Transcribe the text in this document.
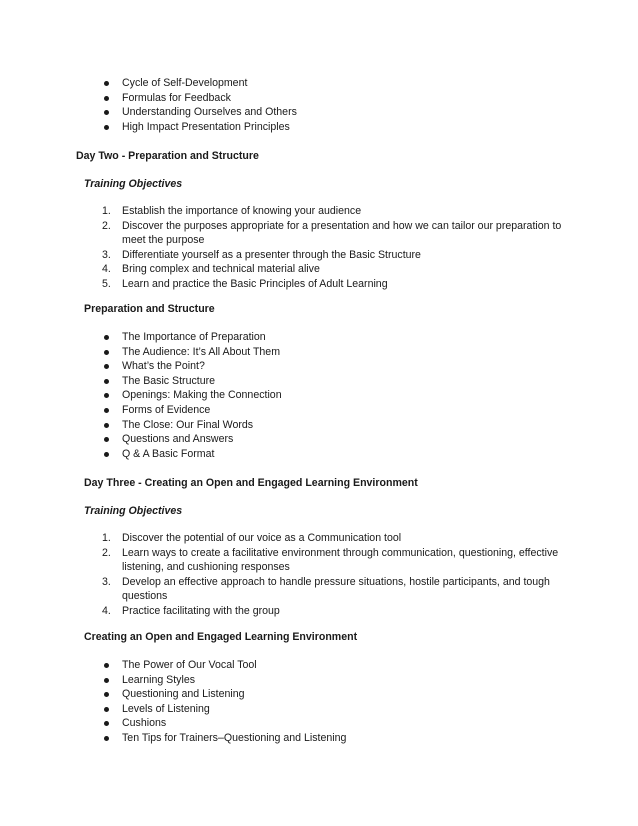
Cycle of Self-Development
Formulas for Feedback
Understanding Ourselves and Others
High Impact Presentation Principles
Day Two - Preparation and Structure
Training Objectives
1. Establish the importance of knowing your audience
2. Discover the purposes appropriate for a presentation and how we can tailor our preparation to meet the purpose
3. Differentiate yourself as a presenter through the Basic Structure
4. Bring complex and technical material alive
5. Learn and practice the Basic Principles of Adult Learning
Preparation and Structure
The Importance of Preparation
The Audience: It’s All About Them
What’s the Point?
The Basic Structure
Openings: Making the Connection
Forms of Evidence
The Close: Our Final Words
Questions and Answers
Q & A Basic Format
Day Three - Creating an Open and Engaged Learning Environment
Training Objectives
1. Discover the potential of our voice as a Communication tool
2. Learn ways to create a facilitative environment through communication, questioning, effective listening, and cushioning responses
3. Develop an effective approach to handle pressure situations, hostile participants, and tough questions
4. Practice facilitating with the group
Creating an Open and Engaged Learning Environment
The Power of Our Vocal Tool
Learning Styles
Questioning and Listening
Levels of Listening
Cushions
Ten Tips for Trainers–Questioning and Listening
